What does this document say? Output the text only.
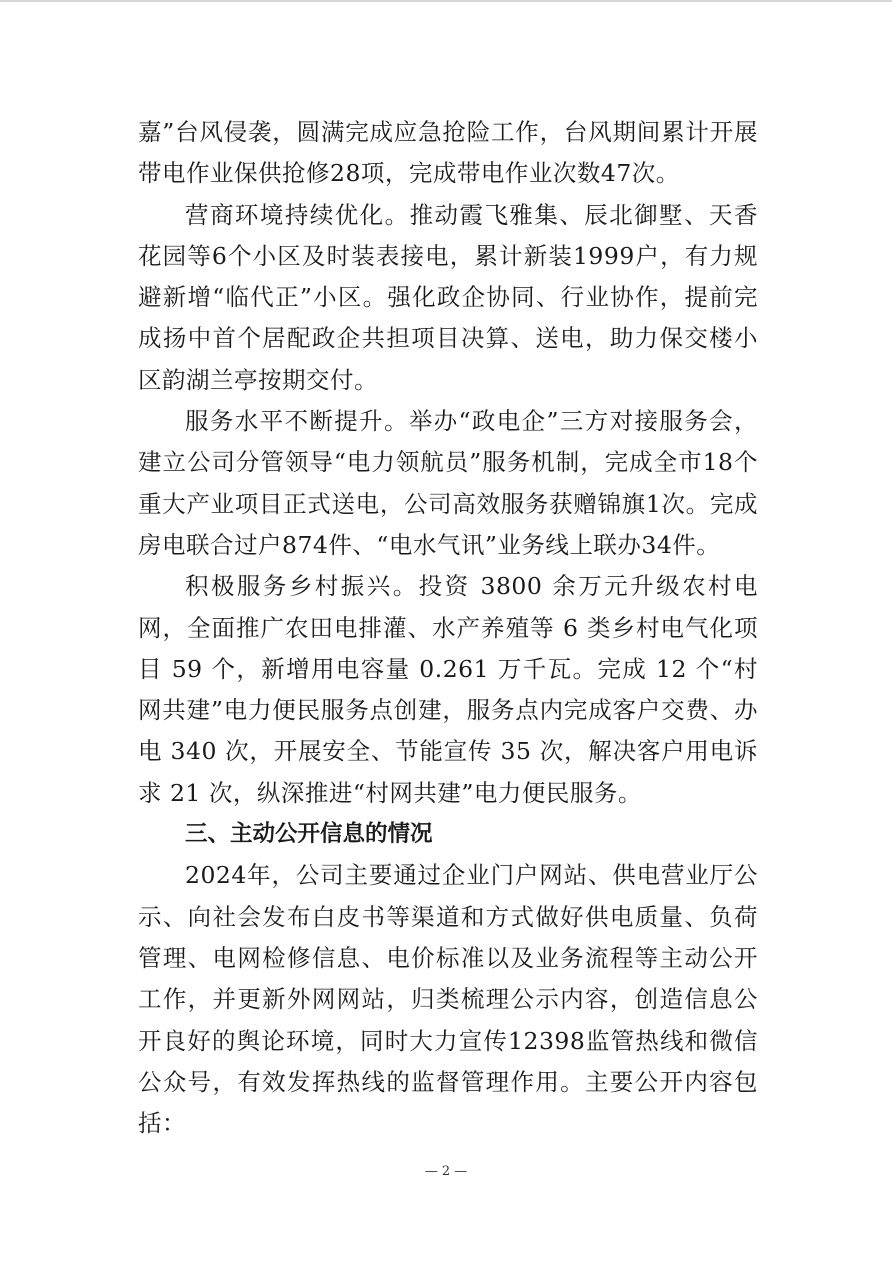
嘉”台风侵袭，圆满完成应急抢险工作，台风期间累计开展带电作业保供抢修28项，完成带电作业次数47次。

营商环境持续优化。推动霞飞雅集、辰北御墅、天香花园等6个小区及时装表接电，累计新装1999户，有力规避新增“临代正”小区。强化政企协同、行业协作，提前完成扬中首个居配政企共担项目决算、送电，助力保交楼小区韵湖兰亭按期交付。

服务水平不断提升。举办“政电企”三方对接服务会，建立公司分管领导“电力领航员”服务机制，完成全市18个重大产业项目正式送电，公司高效服务获赠锦旗1次。完成房电联合过户874件、“电水气讯”业务线上联办34件。

积极服务乡村振兴。投资 3800 余万元升级农村电网，全面推广农田电排灌、水产养殖等 6 类乡村电气化项目 59 个，新增用电容量 0.261 万千瓦。完成 12 个“村网共建”电力便民服务点创建，服务点内完成客户交费、办电 340 次，开展安全、节能宣传 35 次，解决客户用电诉求 21 次，纵深推进“村网共建”电力便民服务。

三、主动公开信息的情况

2024年，公司主要通过企业门户网站、供电营业厅公示、向社会发布白皮书等渠道和方式做好供电质量、负荷管理、电网检修信息、电价标准以及业务流程等主动公开工作，并更新外网网站，归类梳理公示内容，创造信息公开良好的舆论环境，同时大力宣传12398监管热线和微信公众号，有效发挥热线的监督管理作用。主要公开内容包括：

— 2 —
